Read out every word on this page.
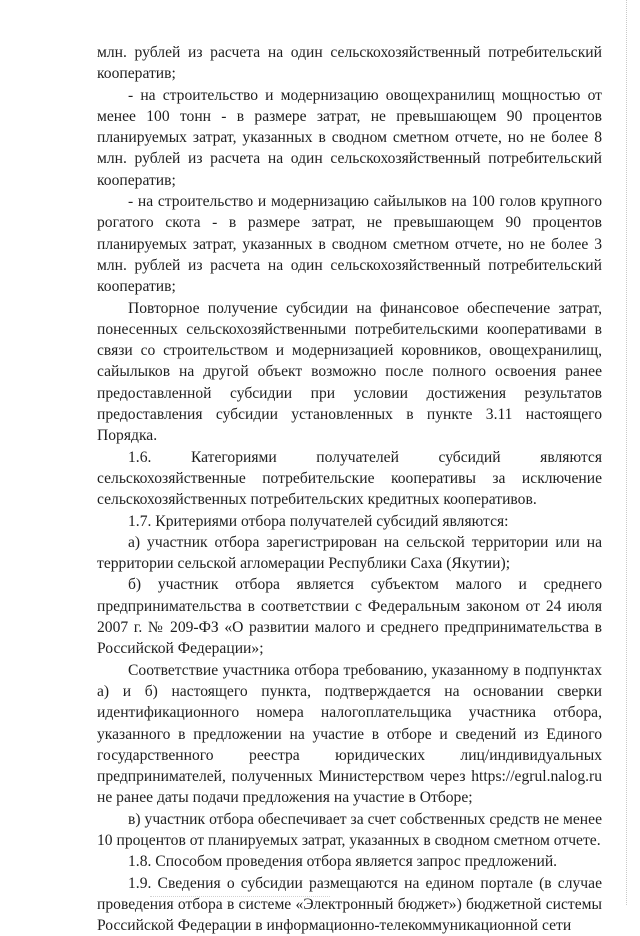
млн. рублей из расчета на один сельскохозяйственный потребительский кооператив;

- на строительство и модернизацию овощехранилищ мощностью от менее 100 тонн - в размере затрат, не превышающем 90 процентов планируемых затрат, указанных в сводном сметном отчете, но не более 8 млн. рублей из расчета на один сельскохозяйственный потребительский кооператив;

- на строительство и модернизацию сайылыков на 100 голов крупного рогатого скота - в размере затрат, не превышающем 90 процентов планируемых затрат, указанных в сводном сметном отчете, но не более 3 млн. рублей из расчета на один сельскохозяйственный потребительский кооператив;

Повторное получение субсидии на финансовое обеспечение затрат, понесенных сельскохозяйственными потребительскими кооперативами в связи со строительством и модернизацией коровников, овощехранилищ, сайылыков на другой объект возможно после полного освоения ранее предоставленной субсидии при условии достижения результатов предоставления субсидии установленных в пункте 3.11 настоящего Порядка.

1.6. Категориями получателей субсидий являются сельскохозяйственные потребительские кооперативы за исключение сельскохозяйственных потребительских кредитных кооперативов.

1.7. Критериями отбора получателей субсидий являются:

а) участник отбора зарегистрирован на сельской территории или на территории сельской агломерации Республики Саха (Якутии);

б) участник отбора является субъектом малого и среднего предпринимательства в соответствии с Федеральным законом от 24 июля 2007 г. № 209-ФЗ «О развитии малого и среднего предпринимательства в Российской Федерации»;

Соответствие участника отбора требованию, указанному в подпунктах а) и б) настоящего пункта, подтверждается на основании сверки идентификационного номера налогоплательщика участника отбора, указанного в предложении на участие в отборе и сведений из Единого государственного реестра юридических лиц/индивидуальных предпринимателей, полученных Министерством через https://egrul.nalog.ru не ранее даты подачи предложения на участие в Отборе;

в) участник отбора обеспечивает за счет собственных средств не менее 10 процентов от планируемых затрат, указанных в сводном сметном отчете.

1.8. Способом проведения отбора является запрос предложений.

1.9. Сведения о субсидии размещаются на едином портале (в случае проведения отбора в системе «Электронный бюджет») бюджетной системы Российской Федерации в информационно-телекоммуникационной сети
